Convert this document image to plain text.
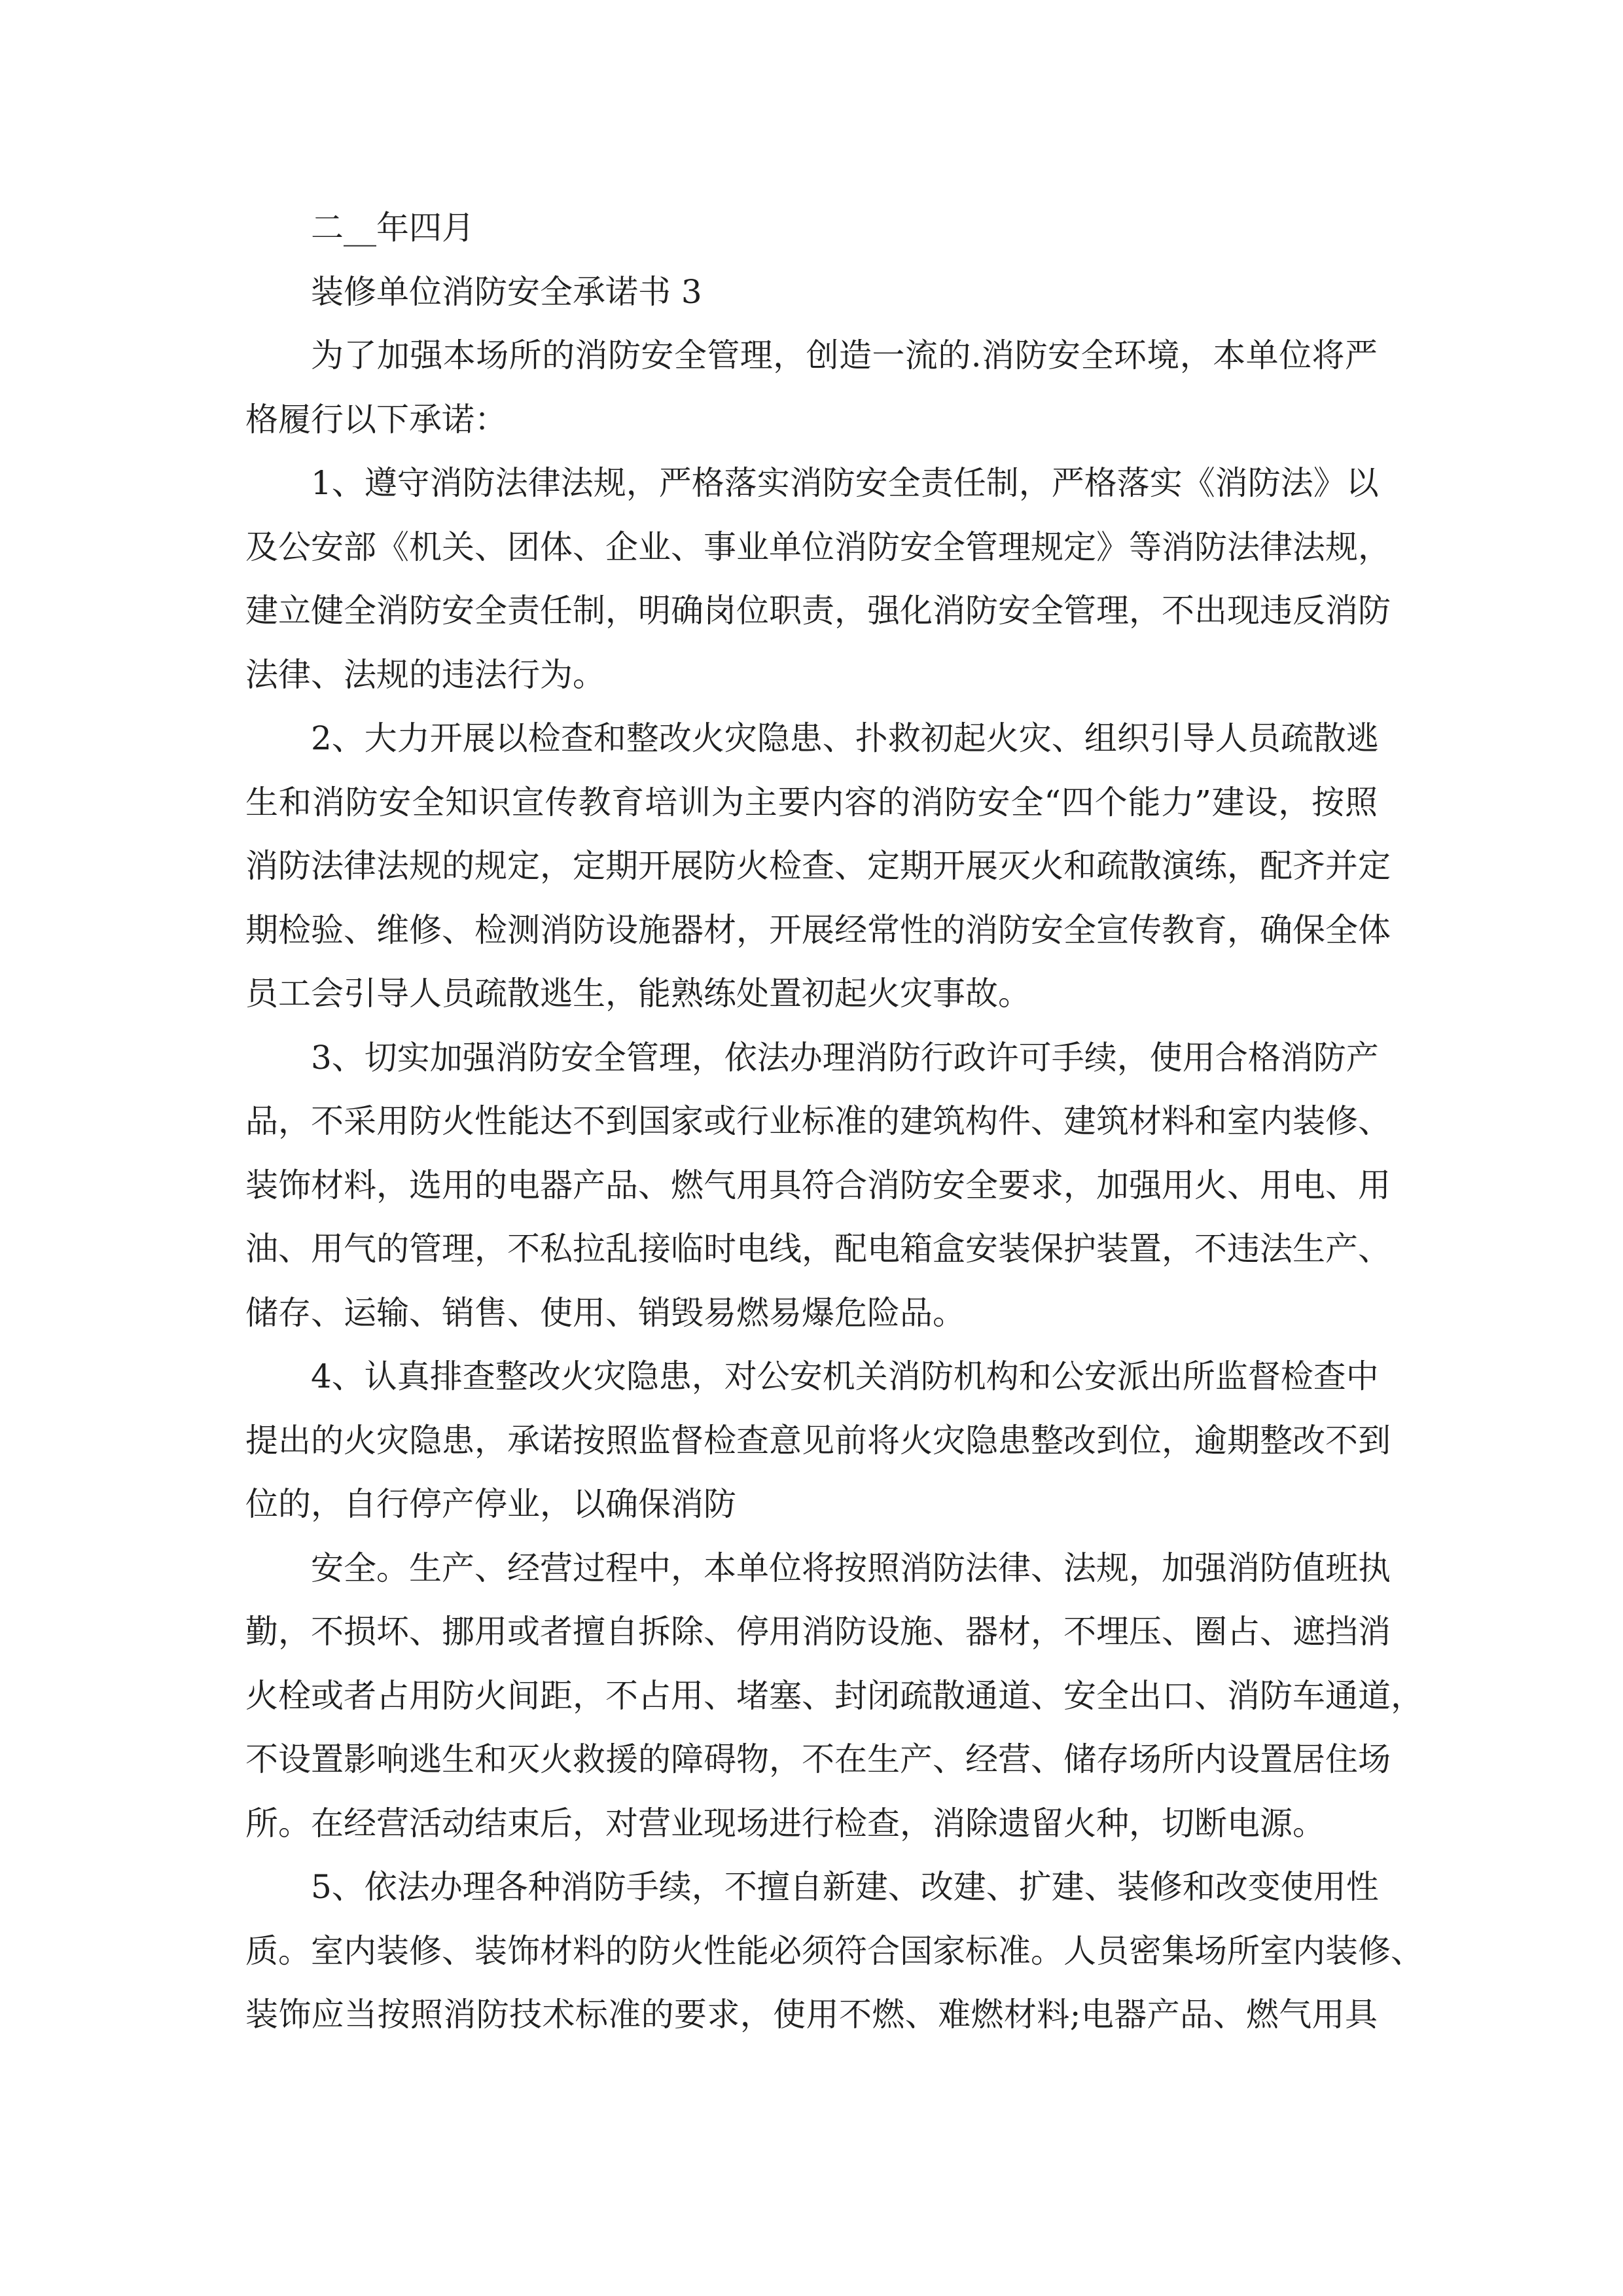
二__年四月

装修单位消防安全承诺书 3

为了加强本场所的消防安全管理，创造一流的.消防安全环境，本单位将严

格履行以下承诺：

1、遵守消防法律法规，严格落实消防安全责任制，严格落实《消防法》以

及公安部《机关、团体、企业、事业单位消防安全管理规定》等消防法律法规，

建立健全消防安全责任制，明确岗位职责，强化消防安全管理，不出现违反消防

法律、法规的违法行为。

2、大力开展以检查和整改火灾隐患、扑救初起火灾、组织引导人员疏散逃

生和消防安全知识宣传教育培训为主要内容的消防安全“四个能力”建设，按照

消防法律法规的规定，定期开展防火检查、定期开展灭火和疏散演练，配齐并定

期检验、维修、检测消防设施器材，开展经常性的消防安全宣传教育，确保全体

员工会引导人员疏散逃生，能熟练处置初起火灾事故。

3、切实加强消防安全管理，依法办理消防行政许可手续，使用合格消防产

品，不采用防火性能达不到国家或行业标准的建筑构件、建筑材料和室内装修、

装饰材料，选用的电器产品、燃气用具符合消防安全要求，加强用火、用电、用

油、用气的管理，不私拉乱接临时电线，配电箱盒安装保护装置，不违法生产、

储存、运输、销售、使用、销毁易燃易爆危险品。

4、认真排查整改火灾隐患，对公安机关消防机构和公安派出所监督检查中

提出的火灾隐患，承诺按照监督检查意见前将火灾隐患整改到位，逾期整改不到

位的，自行停产停业，以确保消防

安全。生产、经营过程中，本单位将按照消防法律、法规，加强消防值班执

勤，不损坏、挪用或者擅自拆除、停用消防设施、器材，不埋压、圈占、遮挡消

火栓或者占用防火间距，不占用、堵塞、封闭疏散通道、安全出口、消防车通道，

不设置影响逃生和灭火救援的障碍物，不在生产、经营、储存场所内设置居住场

所。在经营活动结束后，对营业现场进行检查，消除遗留火种，切断电源。

5、依法办理各种消防手续，不擅自新建、改建、扩建、装修和改变使用性

质。室内装修、装饰材料的防火性能必须符合国家标准。人员密集场所室内装修、

装饰应当按照消防技术标准的要求，使用不燃、难燃材料;电器产品、燃气用具
